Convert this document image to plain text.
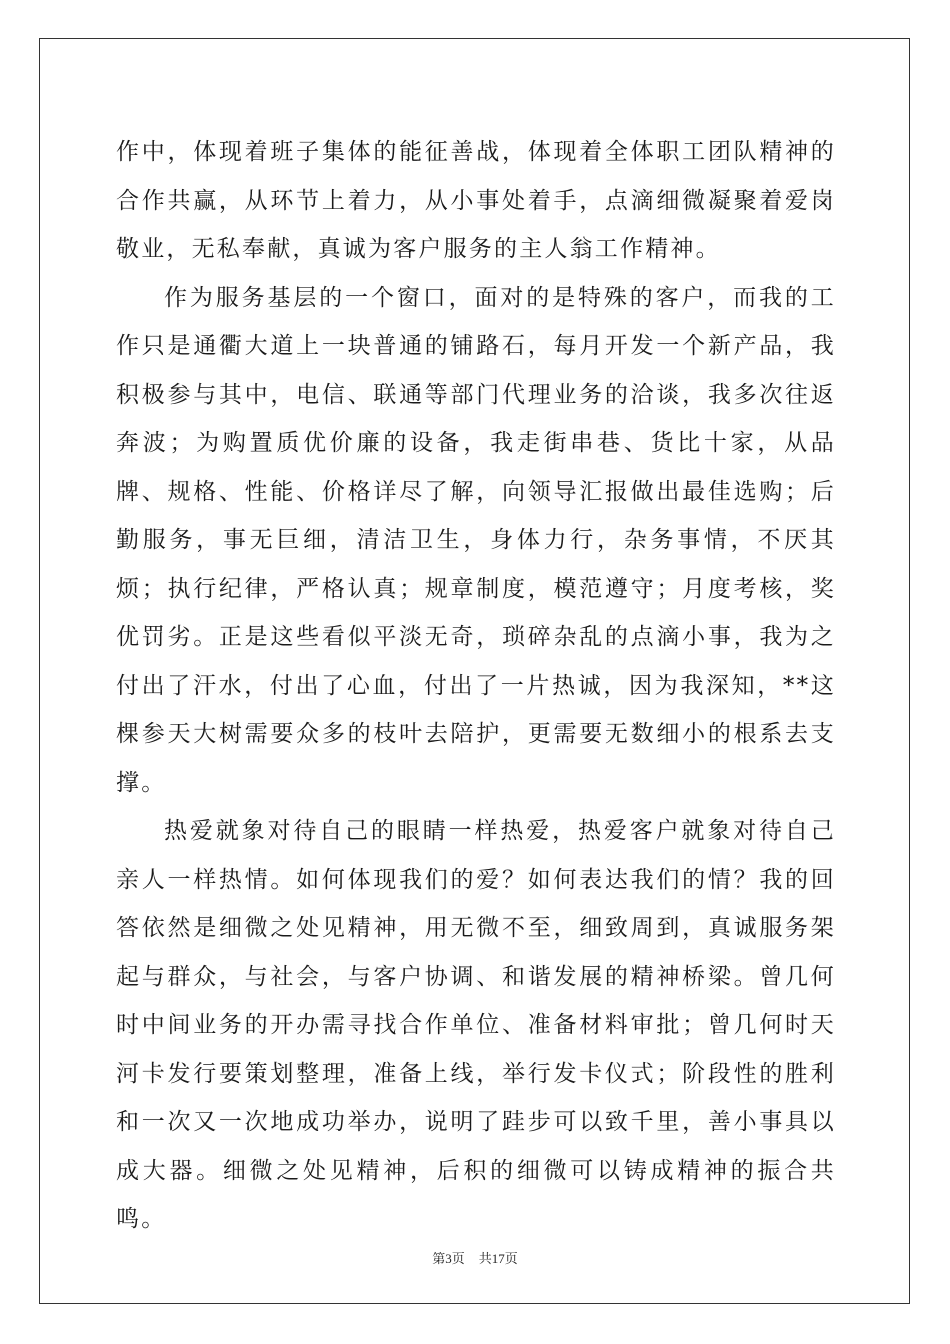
作中，体现着班子集体的能征善战，体现着全体职工团队精神的合作共赢，从环节上着力，从小事处着手，点滴细微凝聚着爱岗敬业，无私奉献，真诚为客户服务的主人翁工作精神。

作为服务基层的一个窗口，面对的是特殊的客户，而我的工作只是通衢大道上一块普通的铺路石，每月开发一个新产品，我积极参与其中，电信、联通等部门代理业务的洽谈，我多次往返奔波；为购置质优价廉的设备，我走街串巷、货比十家，从品牌、规格、性能、价格详尽了解，向领导汇报做出最佳选购；后勤服务，事无巨细，清洁卫生，身体力行，杂务事情，不厌其烦；执行纪律，严格认真；规章制度，模范遵守；月度考核，奖优罚劣。正是这些看似平淡无奇，琐碎杂乱的点滴小事，我为之付出了汗水，付出了心血，付出了一片热诚，因为我深知，**这棵参天大树需要众多的枝叶去陪护，更需要无数细小的根系去支撑。

热爱就象对待自己的眼睛一样热爱，热爱客户就象对待自己亲人一样热情。如何体现我们的爱？如何表达我们的情？我的回答依然是细微之处见精神，用无微不至，细致周到，真诚服务架起与群众，与社会，与客户协调、和谐发展的精神桥梁。曾几何时中间业务的开办需寻找合作单位、准备材料审批；曾几何时天河卡发行要策划整理，准备上线，举行发卡仪式；阶段性的胜利和一次又一次地成功举办，说明了跬步可以致千里，善小事具以成大器。细微之处见精神，后积的细微可以铸成精神的振合共鸣。

第3页 共17页
